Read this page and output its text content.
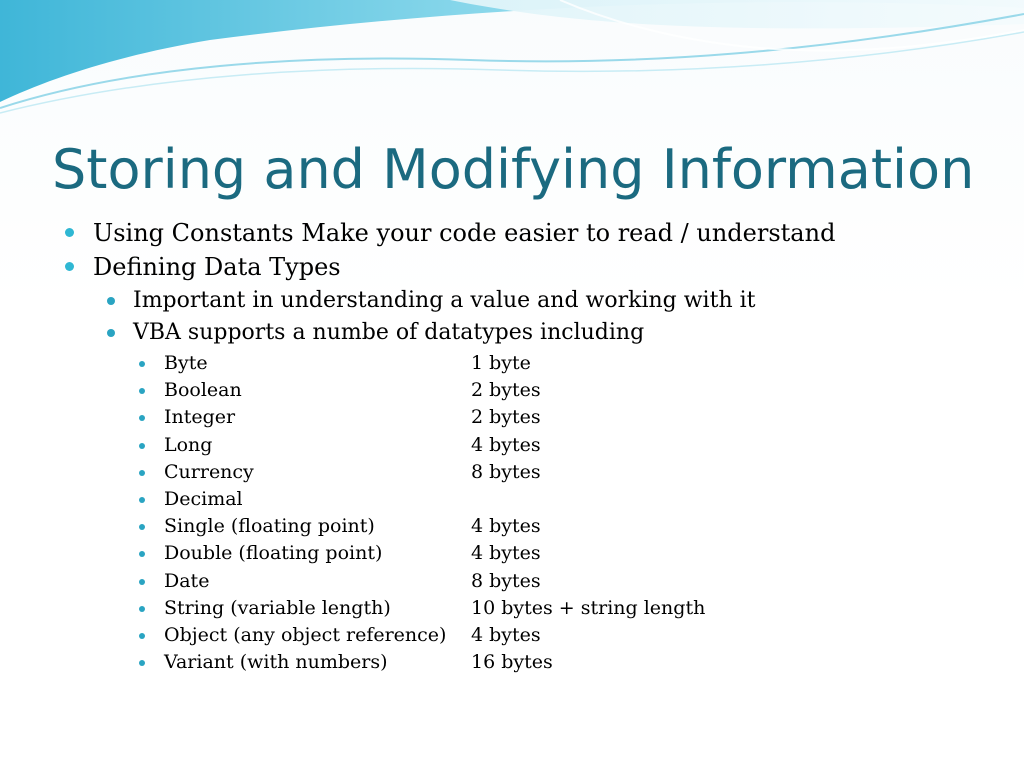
Storing and Modifying Information
Using Constants Make your code easier to read / understand
Defining Data Types
Important in understanding a value and working with it
VBA supports a numbe of datatypes including
Byte	1 byte
Boolean	2 bytes
Integer	2 bytes
Long	4 bytes
Currency	8 bytes
Decimal
Single (floating point)	4 bytes
Double (floating point)	4 bytes
Date	8 bytes
String (variable length)	10 bytes + string length
Object (any object reference) 4 bytes
Variant (with numbers)	16 bytes
